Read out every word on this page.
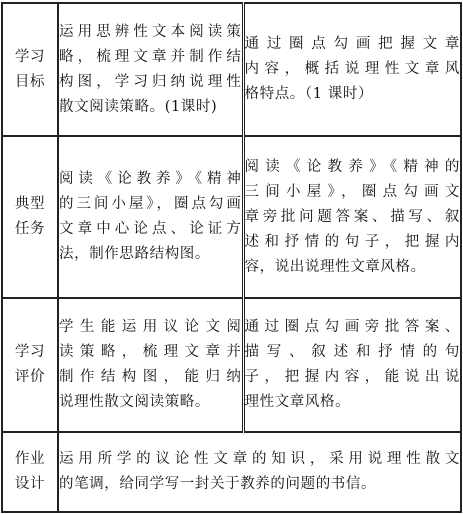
学习
目标	运用思辨性文本阅读策
略，梳理文章并制作结
构图，学习归纳说理性
散文阅读策略。(1课时)	通过圈点勾画把握文章
内容，概括说理性文章风
格特点。（1 课时）

典型
任务	阅读《论教养》《精神
的三间小屋》，圈点勾画
文章中心论点、论证方
法，制作思路结构图。	阅读《论教养》《精神的
三间小屋》，圈点勾画文
章旁批问题答案、描写、叙
述和抒情的句子，把握内
容，说出说理性文章风格。

学习
评价	学生能运用议论文阅
读策略，梳理文章并
制作结构图，能归纳
说理性散文阅读策略。	通过圈点勾画旁批答案、
描写、叙述和抒情的句
子，把握内容，能说出说
理性文章风格。

作业
设计	运用所学的议论性文章的知识，采用说理性散文
的笔调，给同学写一封关于教养的问题的书信。	
